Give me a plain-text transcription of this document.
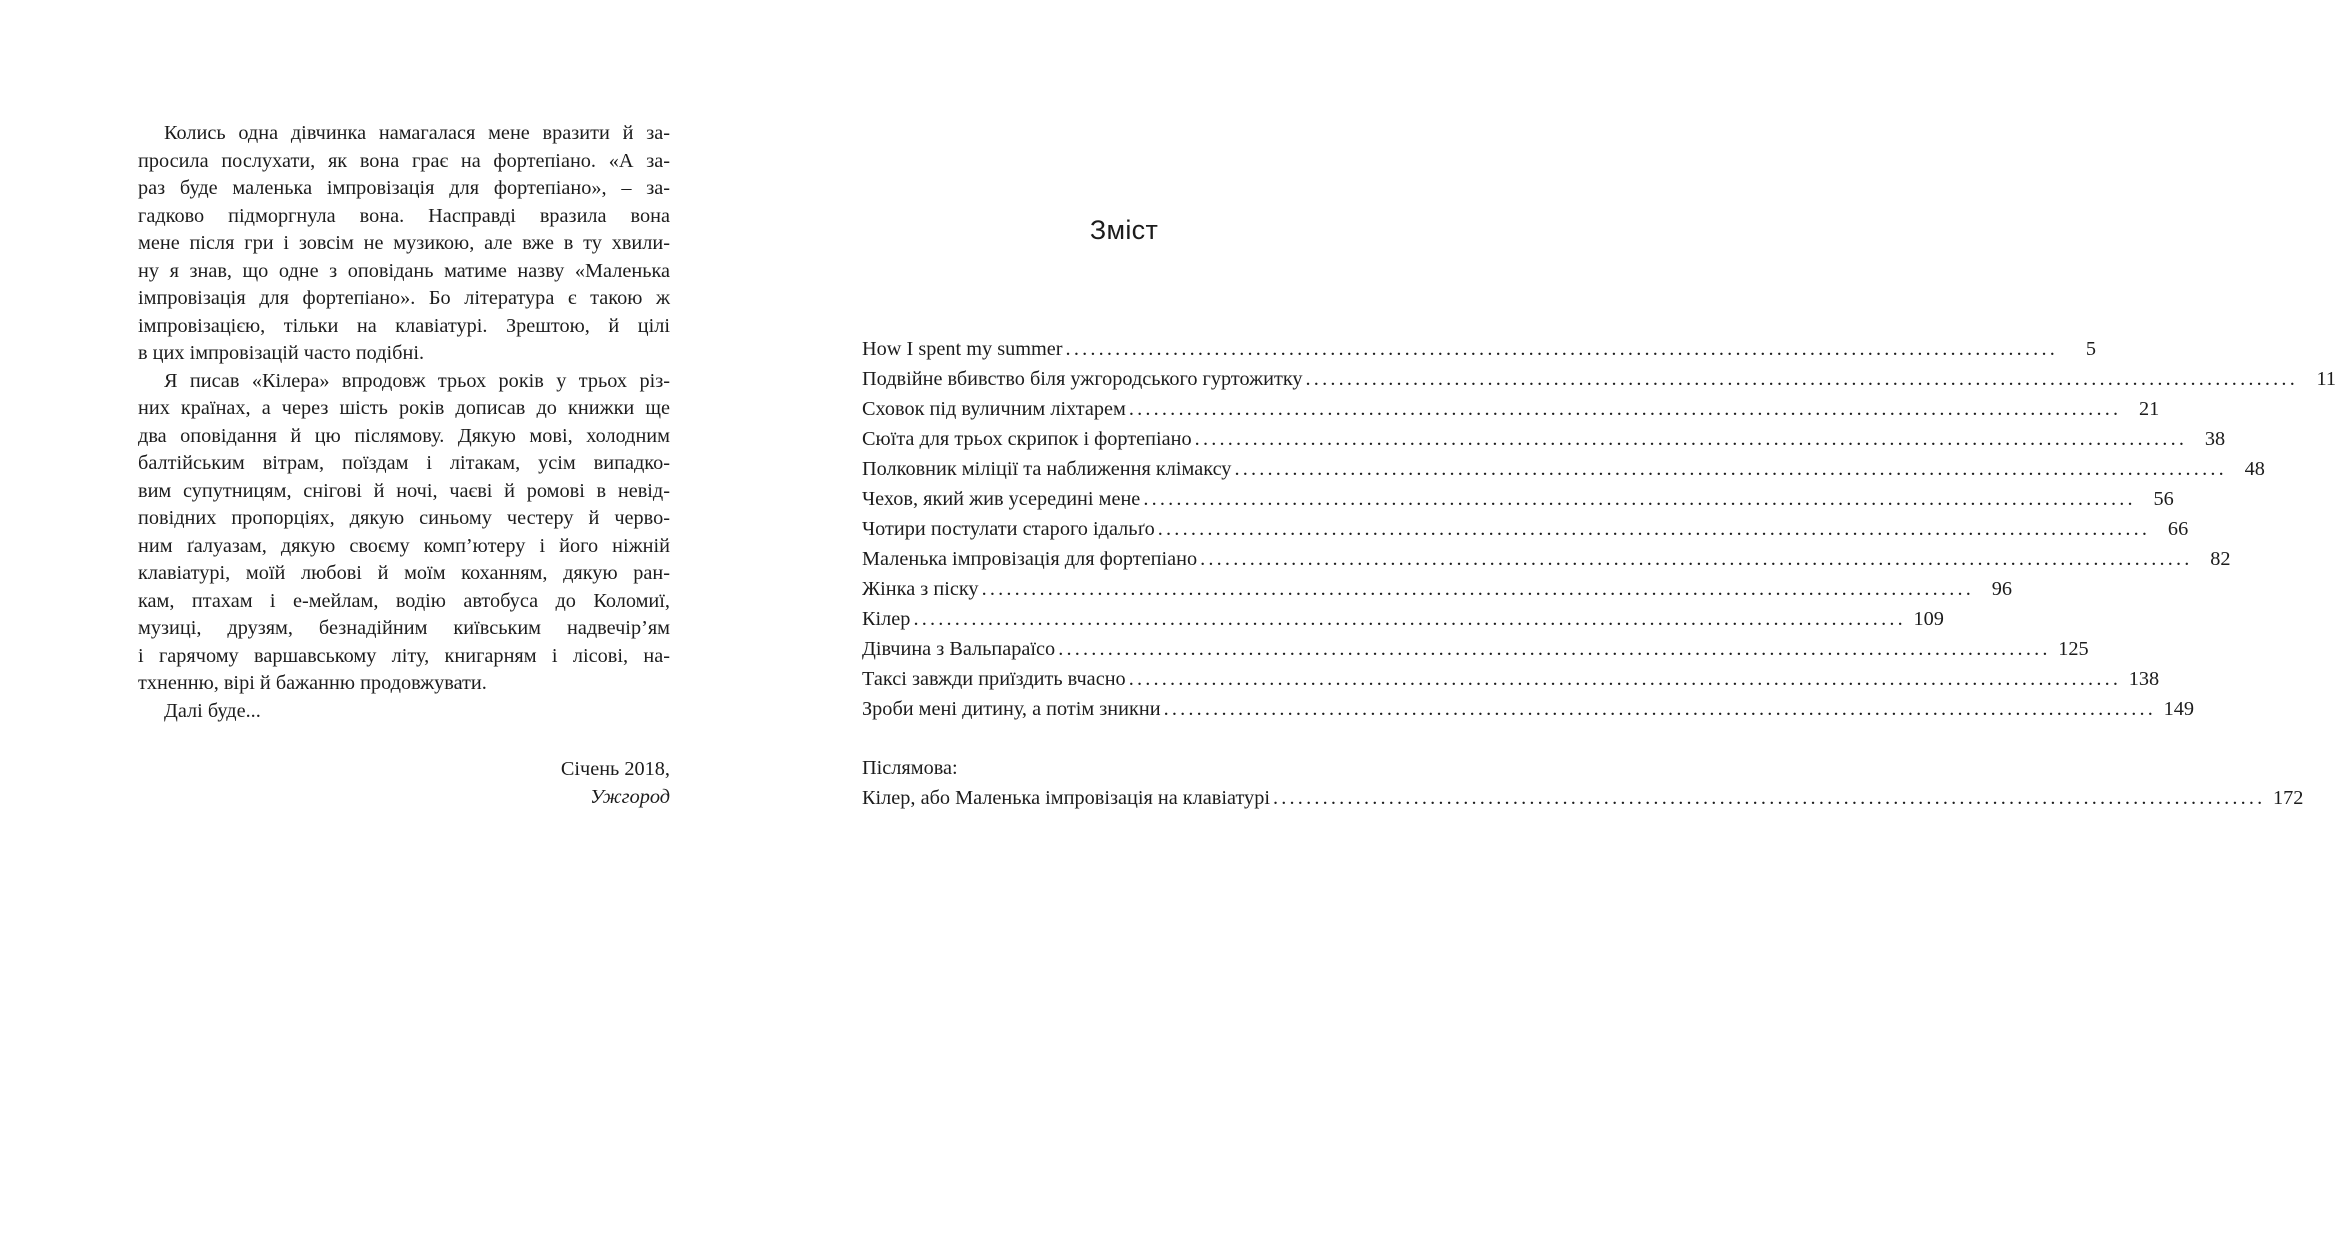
Колись одна дівчинка намагалася мене вразити й за-
просила послухати, як вона грає на фортепіано. «А за-
раз буде маленька імпровізація для фортепіано», – за-
гадково підморгнула вона. Насправді вразила вона
мене після гри і зовсім не музикою, але вже в ту хвили-
ну я знав, що одне з оповідань матиме назву «Маленька
імпровізація для фортепіано». Бо література є такою ж
імпровізацією, тільки на клавіатурі. Зрештою, й цілі
в цих імпровізацій часто подібні.
Я писав «Кілера» впродовж трьох років у трьох різ-
них країнах, а через шість років дописав до книжки ще
два оповідання й цю післямову. Дякую мові, холодним
балтійським вітрам, поїздам і літакам, усім випадко-
вим супутницям, снігові й ночі, чаєві й ромові в невід-
повідних пропорціях, дякую синьому честеру й черво-
ним ґалуазам, дякую своєму комп’ютеру і його ніжній
клавіатурі, моїй любові й моїм коханням, дякую ран-
кам, птахам і е-мейлам, водію автобуса до Коломиї,
музиці, друзям, безнадійним київським надвечір’ям
і гарячому варшавському літу, книгарням і лісові, на-
тхненню, вірі й бажанню продовжувати.
Далі буде...
Січень 2018,
Ужгород
Зміст
How I spent my summer ........................................................................................................................	5
Подвійне вбивство біля ужгородського гуртожитку ........................................................................................................................ 11
Сховок під вуличним ліхтарем ........................................................................................................................ 21
Сюїта для трьох скрипок і фортепіано ........................................................................................................................ 38
Полковник міліції та наближення клімаксу ........................................................................................................................ 48
Чехов, який жив усередині мене ........................................................................................................................ 56
Чотири постулати старого ідальґо ........................................................................................................................ 66
Маленька імпровізація для фортепіано ........................................................................................................................ 82
Жінка з піску ........................................................................................................................ 96
Кілер ........................................................................................................................ 109
Дівчина з Вальпараїсо ........................................................................................................................ 125
Таксі завжди приїздить вчасно ........................................................................................................................ 138
Зроби мені дитину, а потім зникни ........................................................................................................................ 149
Післямова:
Кілер, або Маленька імпровізація на клавіатурі ........................................................................................................................ 172
